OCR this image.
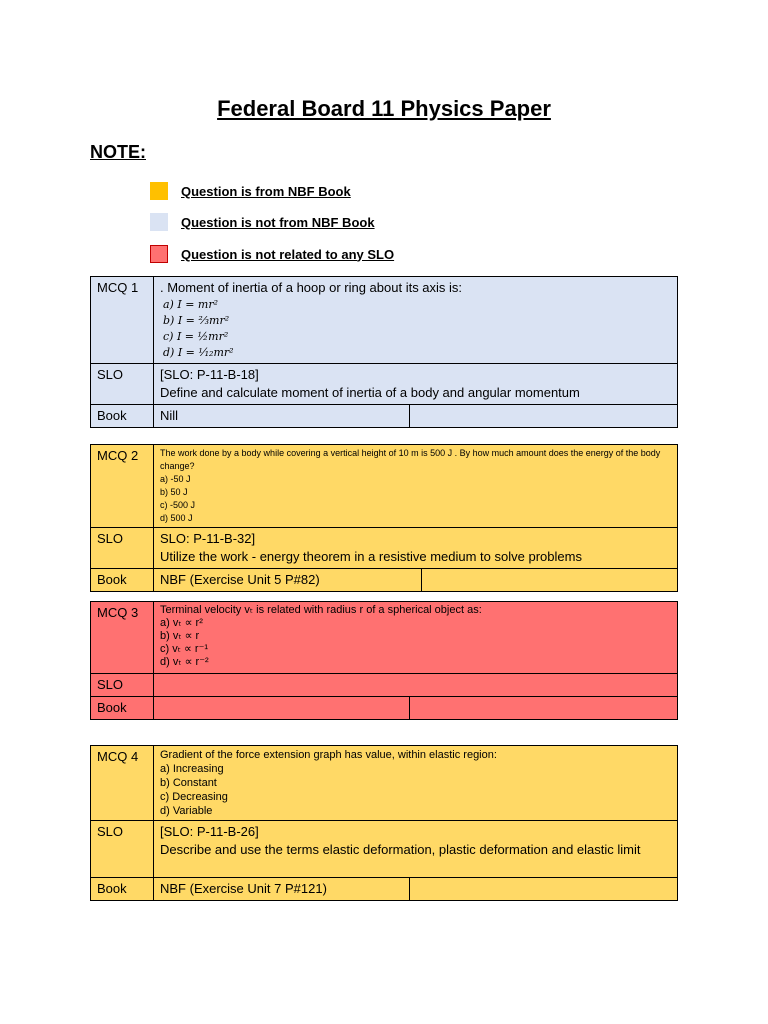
Federal Board 11 Physics Paper
NOTE:
Question is from NBF Book
Question is not from NBF Book
Question is not related to any SLO
MCQ 1	. Moment of inertia of a hoop or ring about its axis is:
a) I = mr²
b) I = ⅔mr²
c) I = ½mr²
d) I = ¹⁄₁₂mr²	

SLO	[SLO: P-11-B-18]
Define and calculate moment of inertia of a body and angular momentum	

Book	Nill	
MCQ 2	The work done by a body while covering a vertical height of 10 m is 500 J . By how much amount does the energy of the body change?
a) -50 J
b) 50 J
c) -500 J
d) 500 J	

SLO	SLO: P-11-B-32]
Utilize the work - energy theorem in a resistive medium to solve problems	

Book	NBF (Exercise Unit 5 P#82)	
MCQ 3	Terminal velocity vₜ is related with radius r of a spherical object as:
a) vₜ ∝ r²
b) vₜ ∝ r
c) vₜ ∝ r⁻¹
d) vₜ ∝ r⁻²	

SLO		

Book		
MCQ 4	Gradient of the force extension graph has value, within elastic region:
a) Increasing
b) Constant
c) Decreasing
d) Variable	

SLO	[SLO: P-11-B-26]
Describe and use the terms elastic deformation, plastic deformation and elastic limit	

Book	NBF (Exercise Unit 7 P#121)	
